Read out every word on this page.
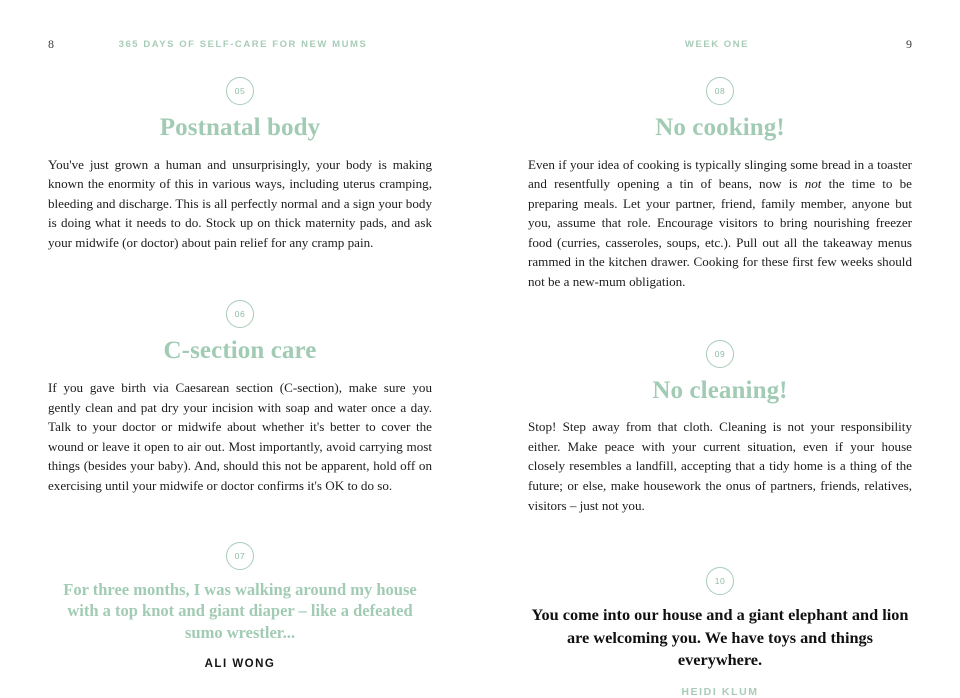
8	365 DAYS OF SELF-CARE FOR NEW MUMS
05
Postnatal body

You've just grown a human and unsurprisingly, your body is making known the enormity of this in various ways, including uterus cramping, bleeding and discharge. This is all perfectly normal and a sign your body is doing what it needs to do. Stock up on thick maternity pads, and ask your midwife (or doctor) about pain relief for any cramp pain.

06
C-section care

If you gave birth via Caesarean section (C-section), make sure you gently clean and pat dry your incision with soap and water once a day. Talk to your doctor or midwife about whether it's better to cover the wound or leave it open to air out. Most importantly, avoid carrying most things (besides your baby). And, should this not be apparent, hold off on exercising until your midwife or doctor confirms it's OK to do so.

07

For three months, I was walking around my house with a top knot and giant diaper – like a defeated sumo wrestler...

ALI WONG
WEEK ONE	9
08
No cooking!

Even if your idea of cooking is typically slinging some bread in a toaster and resentfully opening a tin of beans, now is not the time to be preparing meals. Let your partner, friend, family member, anyone but you, assume that role. Encourage visitors to bring nourishing freezer food (curries, casseroles, soups, etc.). Pull out all the takeaway menus rammed in the kitchen drawer. Cooking for these first few weeks should not be a new-mum obligation.

09
No cleaning!

Stop! Step away from that cloth. Cleaning is not your responsibility either. Make peace with your current situation, even if your house closely resembles a landfill, accepting that a tidy home is a thing of the future; or else, make housework the onus of partners, friends, relatives, visitors – just not you.

10

You come into our house and a giant elephant and lion are welcoming you. We have toys and things everywhere.

HEIDI KLUM
